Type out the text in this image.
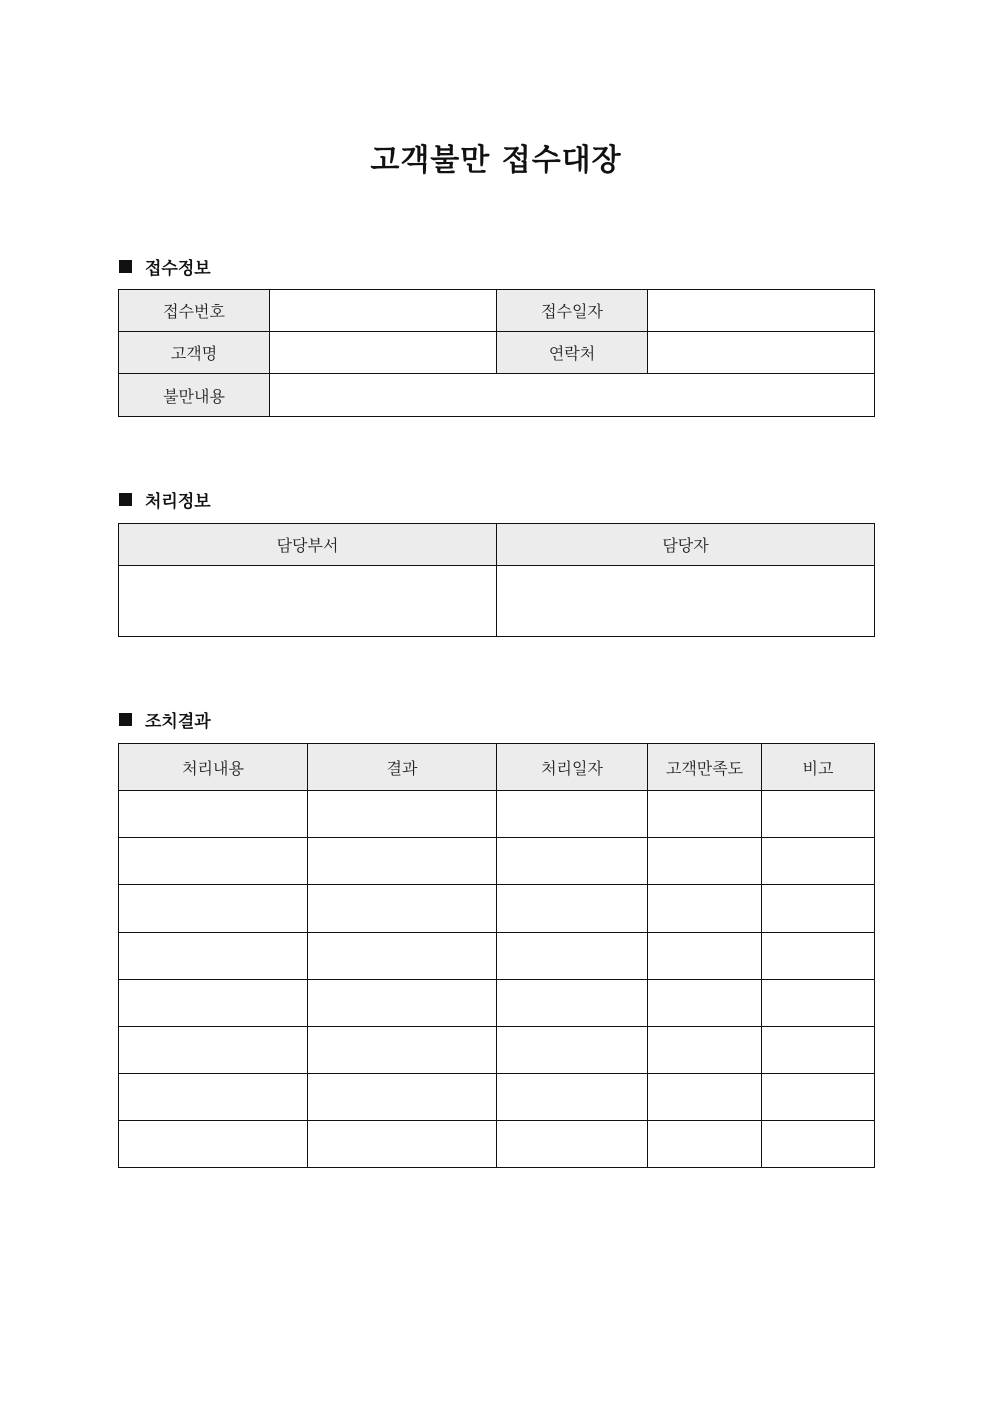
고객불만 접수대장
접수정보
접수번호		접수일자	
고객명		연락처	
불만내용			
처리정보
담당부서	담당자

조치결과
처리내용	결과	처리일자	고객만족도	비고
